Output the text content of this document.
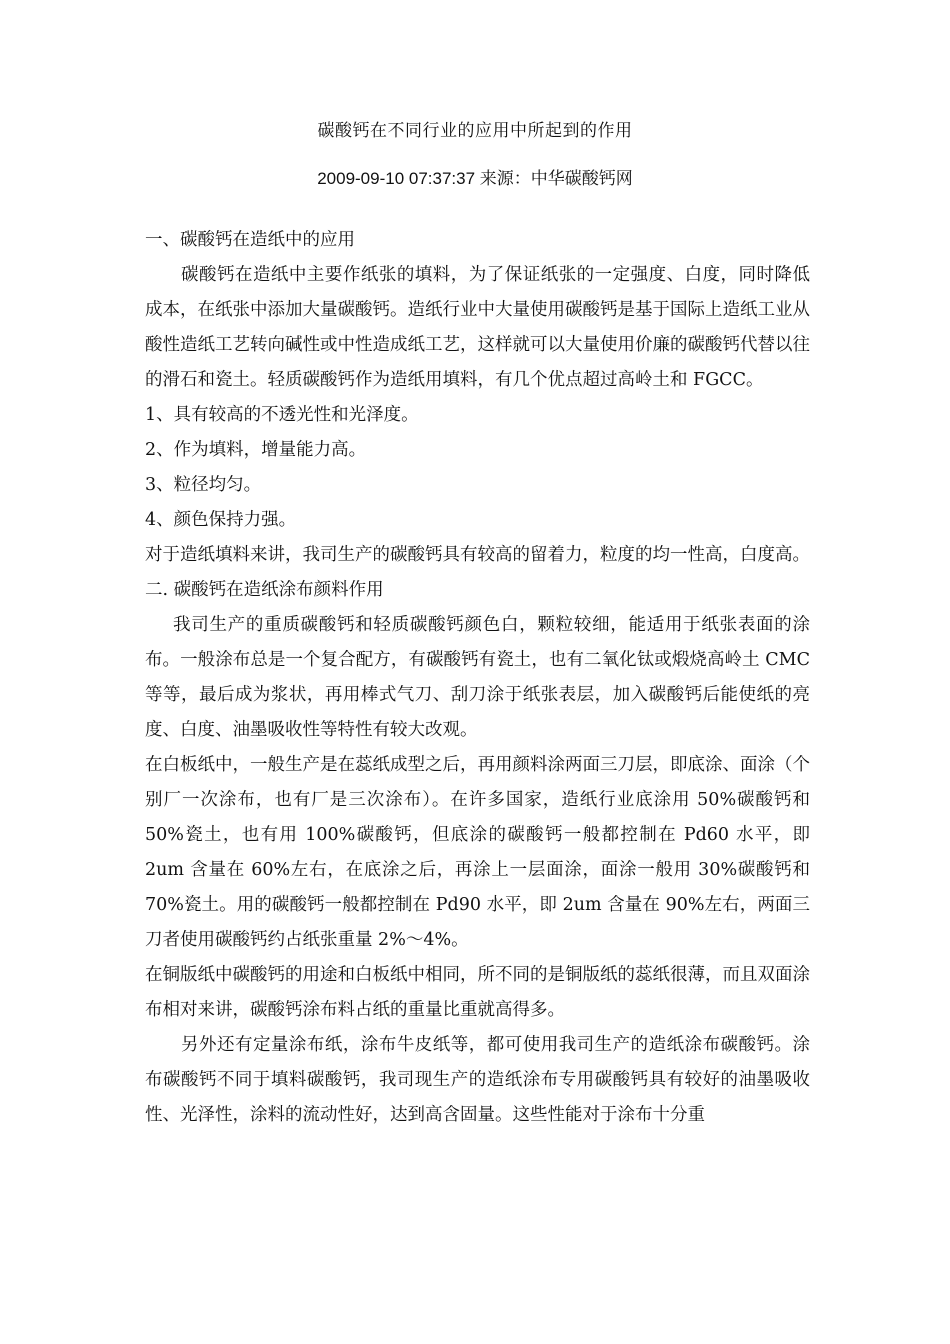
碳酸钙在不同行业的应用中所起到的作用
2009-09-10 07:37:37 来源：中华碳酸钙网

一、碳酸钙在造纸中的应用

碳酸钙在造纸中主要作纸张的填料，为了保证纸张的一定强度、白度，同时降低成本，在纸张中添加大量碳酸钙。造纸行业中大量使用碳酸钙是基于国际上造纸工业从酸性造纸工艺转向碱性或中性造成纸工艺，这样就可以大量使用价廉的碳酸钙代替以往的滑石和瓷土。轻质碳酸钙作为造纸用填料，有几个优点超过高岭土和 FGCC。

1、具有较高的不透光性和光泽度。

2、作为填料，增量能力高。

3、粒径均匀。

4、颜色保持力强。

对于造纸填料来讲，我司生产的碳酸钙具有较高的留着力，粒度的均一性高，白度高。

二. 碳酸钙在造纸涂布颜料作用

我司生产的重质碳酸钙和轻质碳酸钙颜色白，颗粒较细，能适用于纸张表面的涂布。一般涂布总是一个复合配方，有碳酸钙有瓷土，也有二氧化钛或煅烧高岭土 CMC 等等，最后成为浆状，再用棒式气刀、刮刀涂于纸张表层，加入碳酸钙后能使纸的亮度、白度、油墨吸收性等特性有较大改观。

在白板纸中，一般生产是在蕊纸成型之后，再用颜料涂两面三刀层，即底涂、面涂（个别厂一次涂布，也有厂是三次涂布）。在许多国家，造纸行业底涂用 50%碳酸钙和 50%瓷土，也有用 100%碳酸钙，但底涂的碳酸钙一般都控制在 Pd60 水平，即 2um 含量在 60%左右，在底涂之后，再涂上一层面涂，面涂一般用 30%碳酸钙和 70%瓷土。用的碳酸钙一般都控制在 Pd90 水平，即 2um 含量在 90%左右，两面三刀者使用碳酸钙约占纸张重量 2%～4%。

在铜版纸中碳酸钙的用途和白板纸中相同，所不同的是铜版纸的蕊纸很薄，而且双面涂布相对来讲，碳酸钙涂布料占纸的重量比重就高得多。

另外还有定量涂布纸，涂布牛皮纸等，都可使用我司生产的造纸涂布碳酸钙。涂布碳酸钙不同于填料碳酸钙，我司现生产的造纸涂布专用碳酸钙具有较好的油墨吸收性、光泽性，涂料的流动性好，达到高含固量。这些性能对于涂布十分重
